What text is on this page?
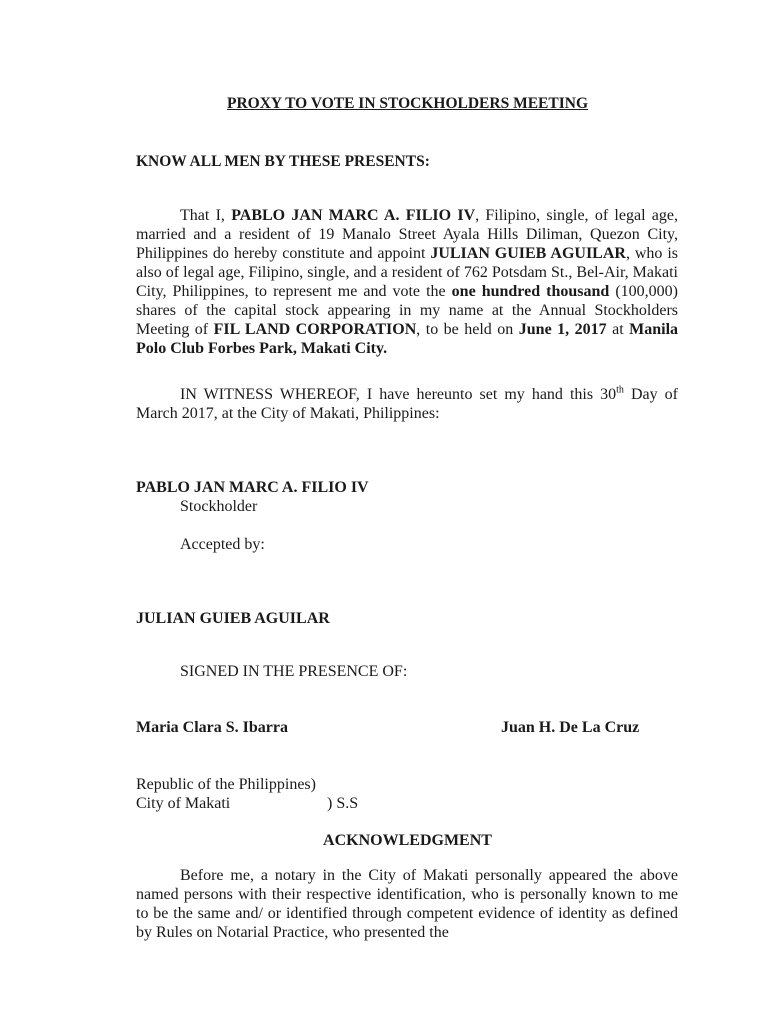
PROXY TO VOTE IN STOCKHOLDERS MEETING
KNOW ALL MEN BY THESE PRESENTS:
That I, PABLO JAN MARC A. FILIO IV, Filipino, single, of legal age, married and a resident of 19 Manalo Street Ayala Hills Diliman, Quezon City, Philippines do hereby constitute and appoint JULIAN GUIEB AGUILAR, who is also of legal age, Filipino, single, and a resident of 762 Potsdam St., Bel-Air, Makati City, Philippines, to represent me and vote the one hundred thousand (100,000) shares of the capital stock appearing in my name at the Annual Stockholders Meeting of FIL LAND CORPORATION, to be held on June 1, 2017 at Manila Polo Club Forbes Park, Makati City.
IN WITNESS WHEREOF, I have hereunto set my hand this 30th Day of March 2017, at the City of Makati, Philippines:
PABLO JAN MARC A. FILIO IV
Stockholder
Accepted by:
JULIAN GUIEB AGUILAR
SIGNED IN THE PRESENCE OF:
Maria Clara S. Ibarra	Juan H. De La Cruz
Republic of the Philippines)
City of Makati	) S.S
ACKNOWLEDGMENT
Before me, a notary in the City of Makati personally appeared the above named persons with their respective identification, who is personally known to me to be the same and/ or identified through competent evidence of identity as defined by Rules on Notarial Practice, who presented the
